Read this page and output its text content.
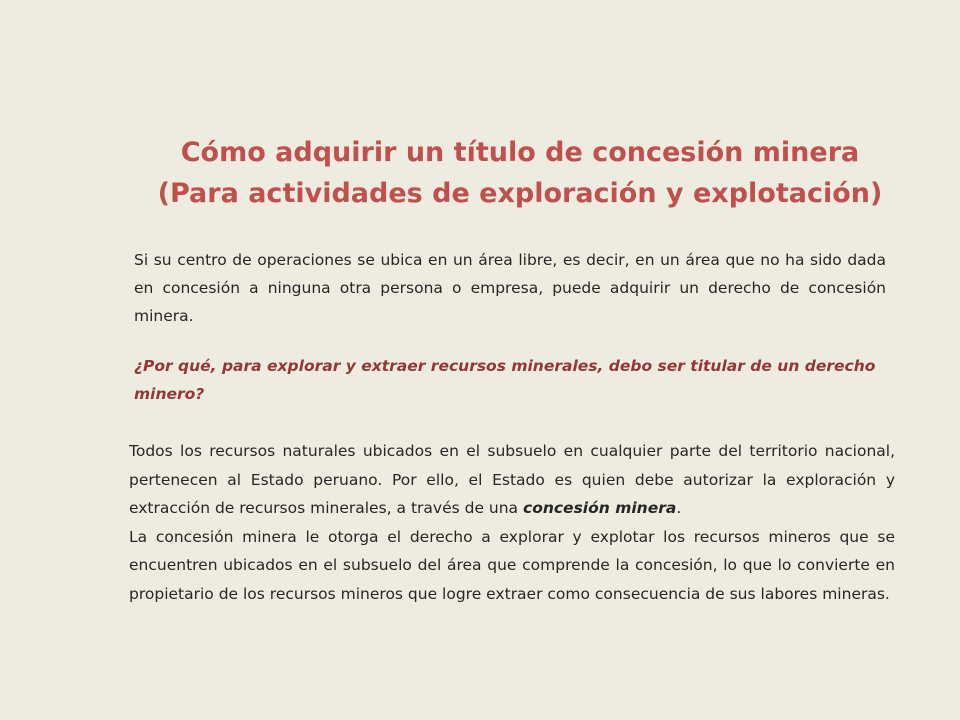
Cómo adquirir un título de concesión minera
(Para actividades de exploración y explotación)

Si su centro de operaciones se ubica en un área libre, es decir, en un área que no ha sido dada en concesión a ninguna otra persona o empresa, puede adquirir un derecho de concesión minera.

¿Por qué, para explorar y extraer recursos minerales, debo ser titular de un derecho minero?

Todos los recursos naturales ubicados en el subsuelo en cualquier parte del territorio nacional, pertenecen al Estado peruano. Por ello, el Estado es quien debe autorizar la exploración y extracción de recursos minerales, a través de una concesión minera.

La concesión minera le otorga el derecho a explorar y explotar los recursos mineros que se encuentren ubicados en el subsuelo del área que comprende la concesión, lo que lo convierte en propietario de los recursos mineros que logre extraer como consecuencia de sus labores mineras.
